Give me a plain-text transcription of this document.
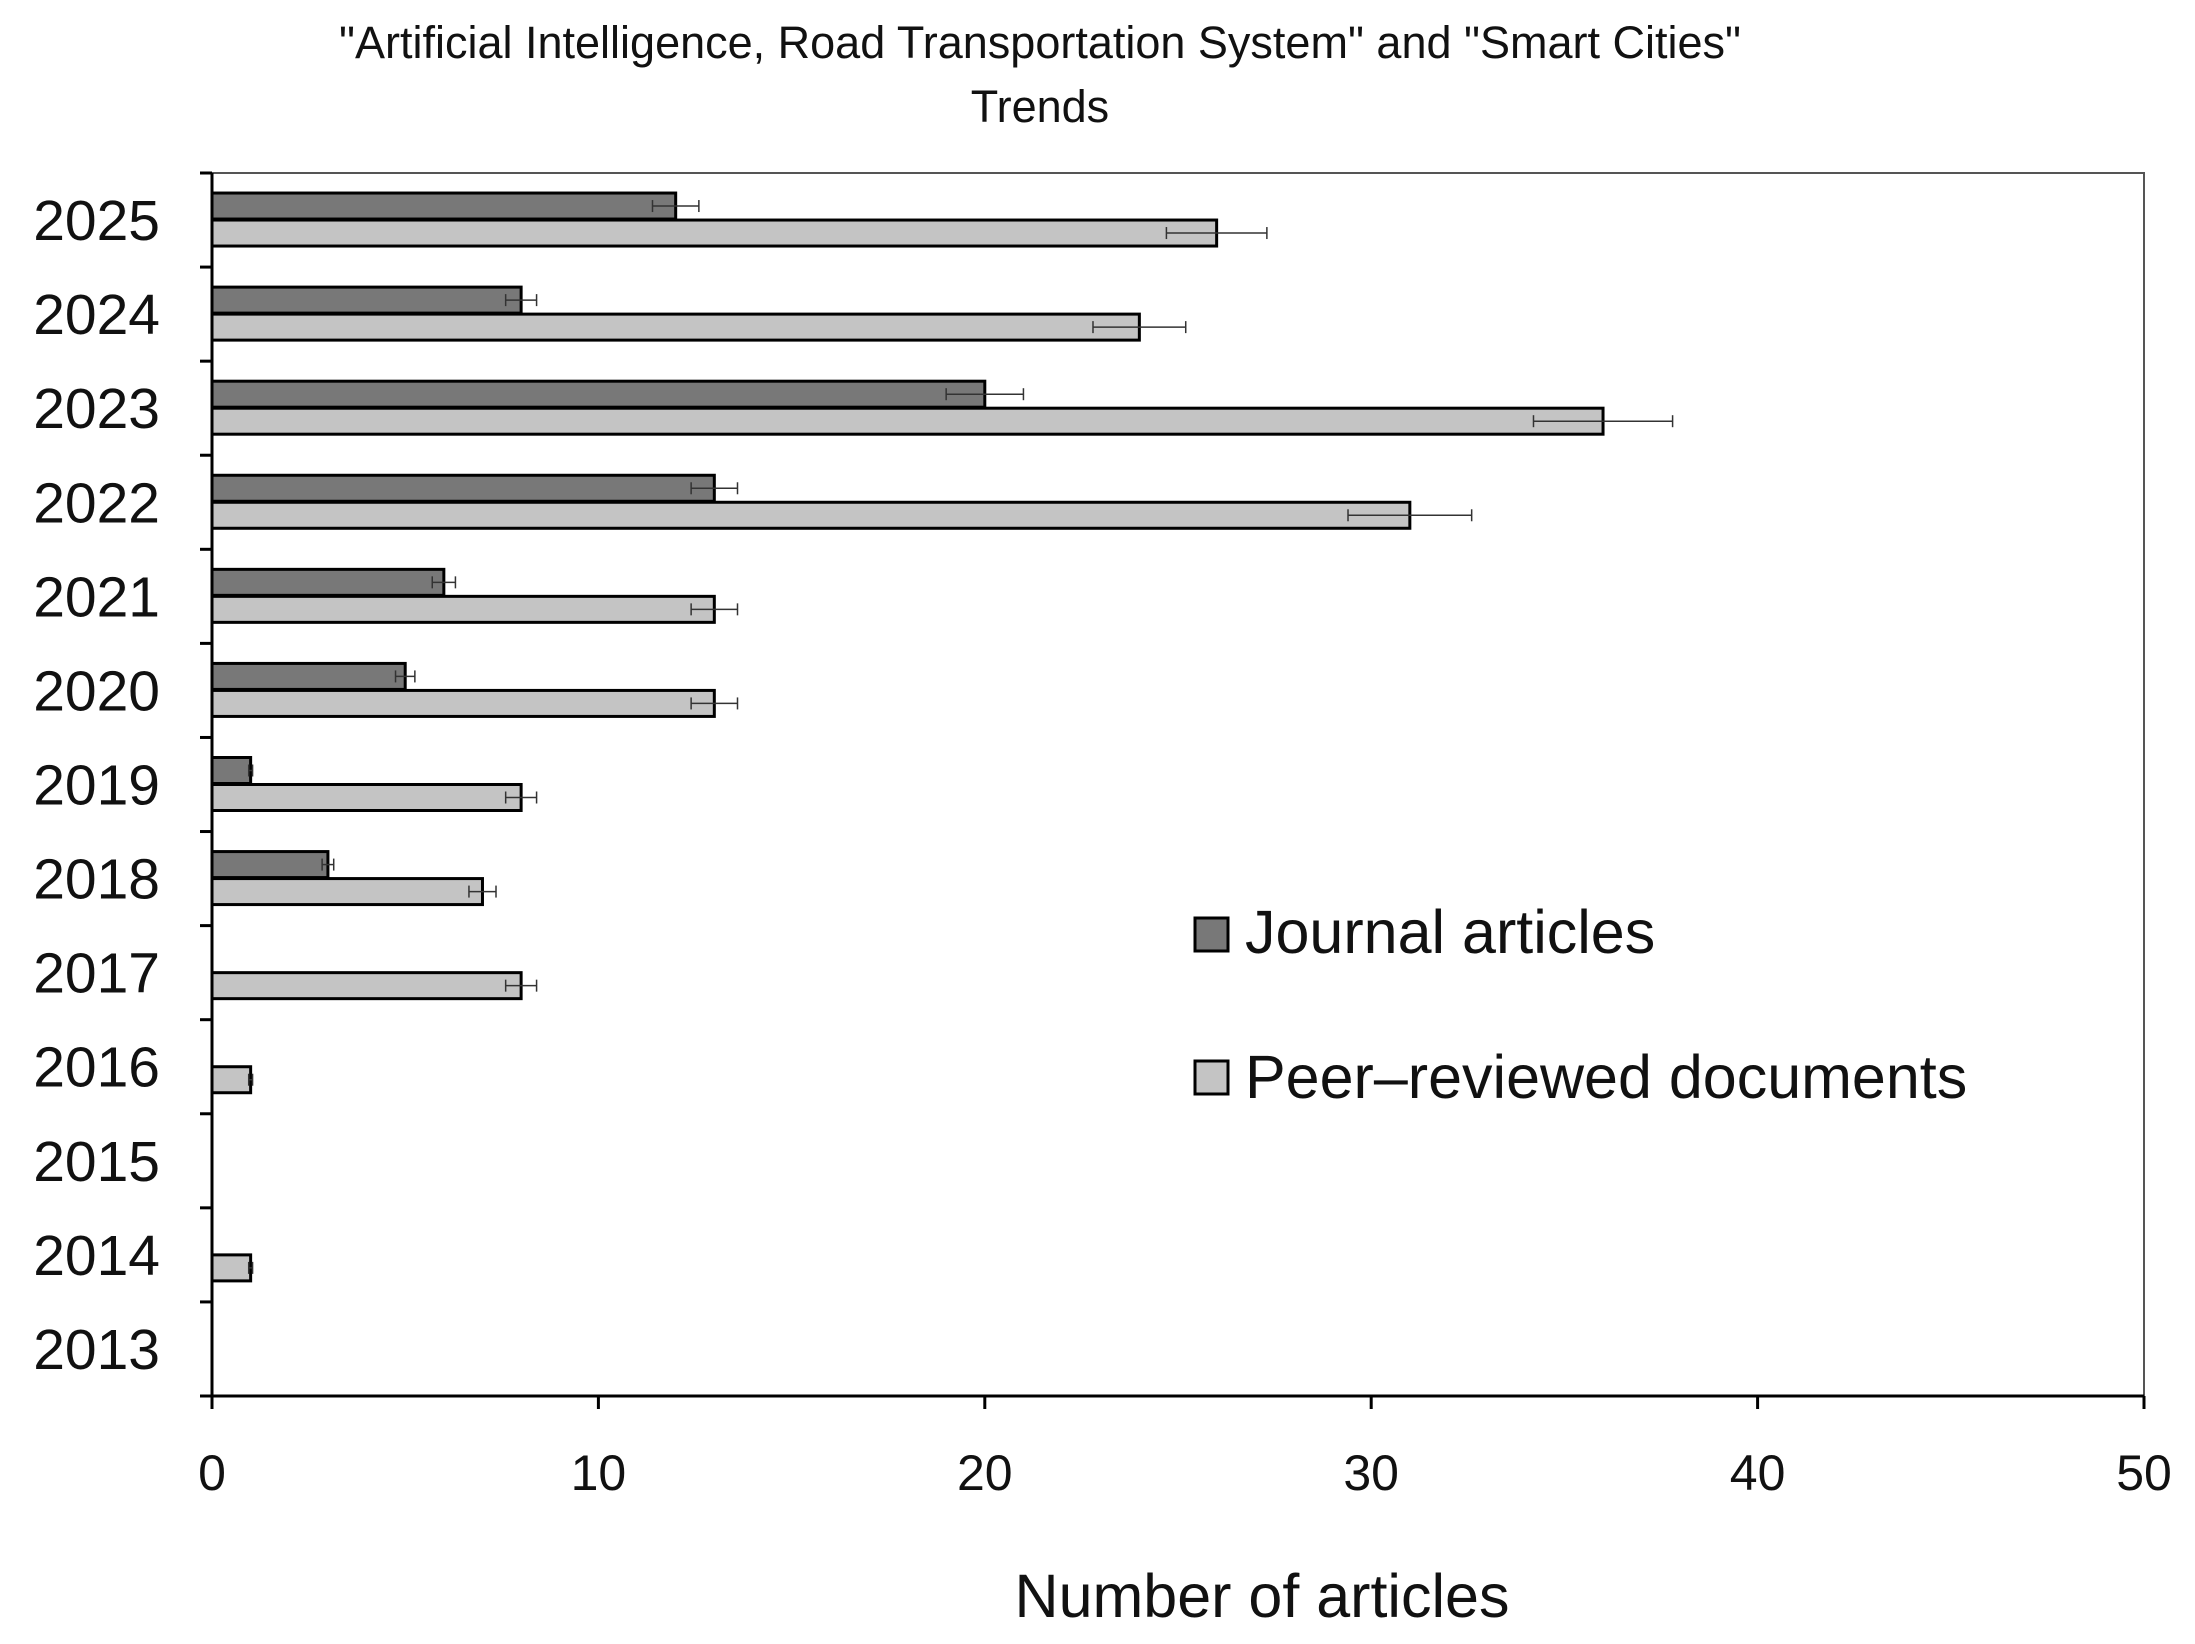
"Artificial Intelligence, Road Transportation System" and "Smart Cities"
Trends
2025
2024
2023
2022
2021
2020
2019
2018
2017
2016
2015
2014
2013
0	10	20	30	40	50
Number of articles
Journal articles
Peer–reviewed documents
